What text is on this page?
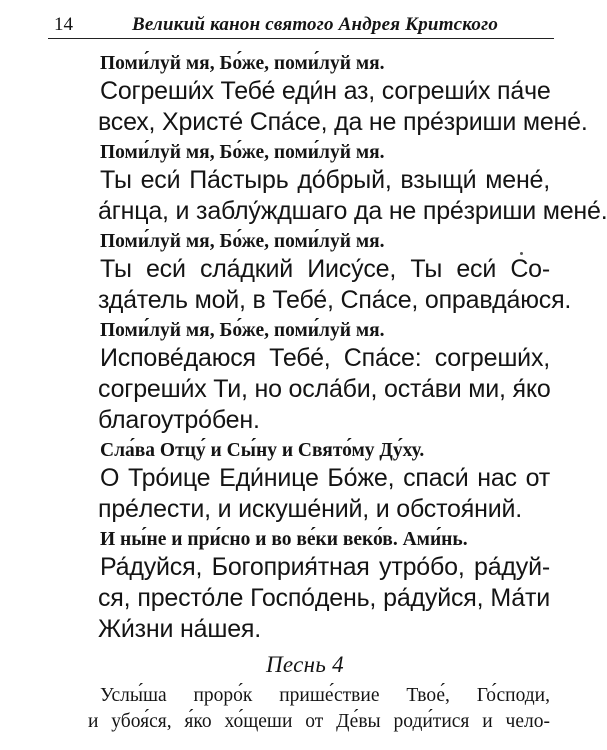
14	Великий канон святого Андрея Критского
Поми́луй мя, Бо́же, поми́луй мя.
Согреши́х Тебе́ еди́н аз, согреши́х па́че
всех, Христе́ Спа́се, да не пре́зриши мене́.
Поми́луй мя, Бо́же, поми́луй мя.
Ты еси́ Па́стырь до́брый, взыщи́ мене́,
а́гнца, и заблу́ждшаго да не пре́зриши мене́.
Поми́луй мя, Бо́же, поми́луй мя.
Ты еси́ сла́дкий Иису́се, Ты еси́ Со-
зда́тель мой, в Тебе́, Спа́се, оправда́юся.
Поми́луй мя, Бо́же, поми́луй мя.
Испове́даюся Тебе́, Спа́се: согреши́х,
согреши́х Ти, но осла́би, оста́ви ми, я́ко
благоутро́бен.
Сла́ва Отцу́ и Сы́ну и Свято́му Ду́ху.
О Тро́ице Еди́нице Бо́же, спаси́ нас от
пре́лести, и искуше́ний, и обстоя́ний.
И ны́не и при́сно и во ве́ки веко́в. Ами́нь.
Ра́дуйся, Богоприя́тная утро́бо, ра́дуй-
ся, престо́ле Госпо́день, ра́дуйся, Ма́ти
Жи́зни на́шея.
Песнь 4
Услы́ша проро́к прише́ствие Твое́, Го́споди,
и убоя́ся, я́ко хо́щеши от Де́вы роди́тися и чело-
